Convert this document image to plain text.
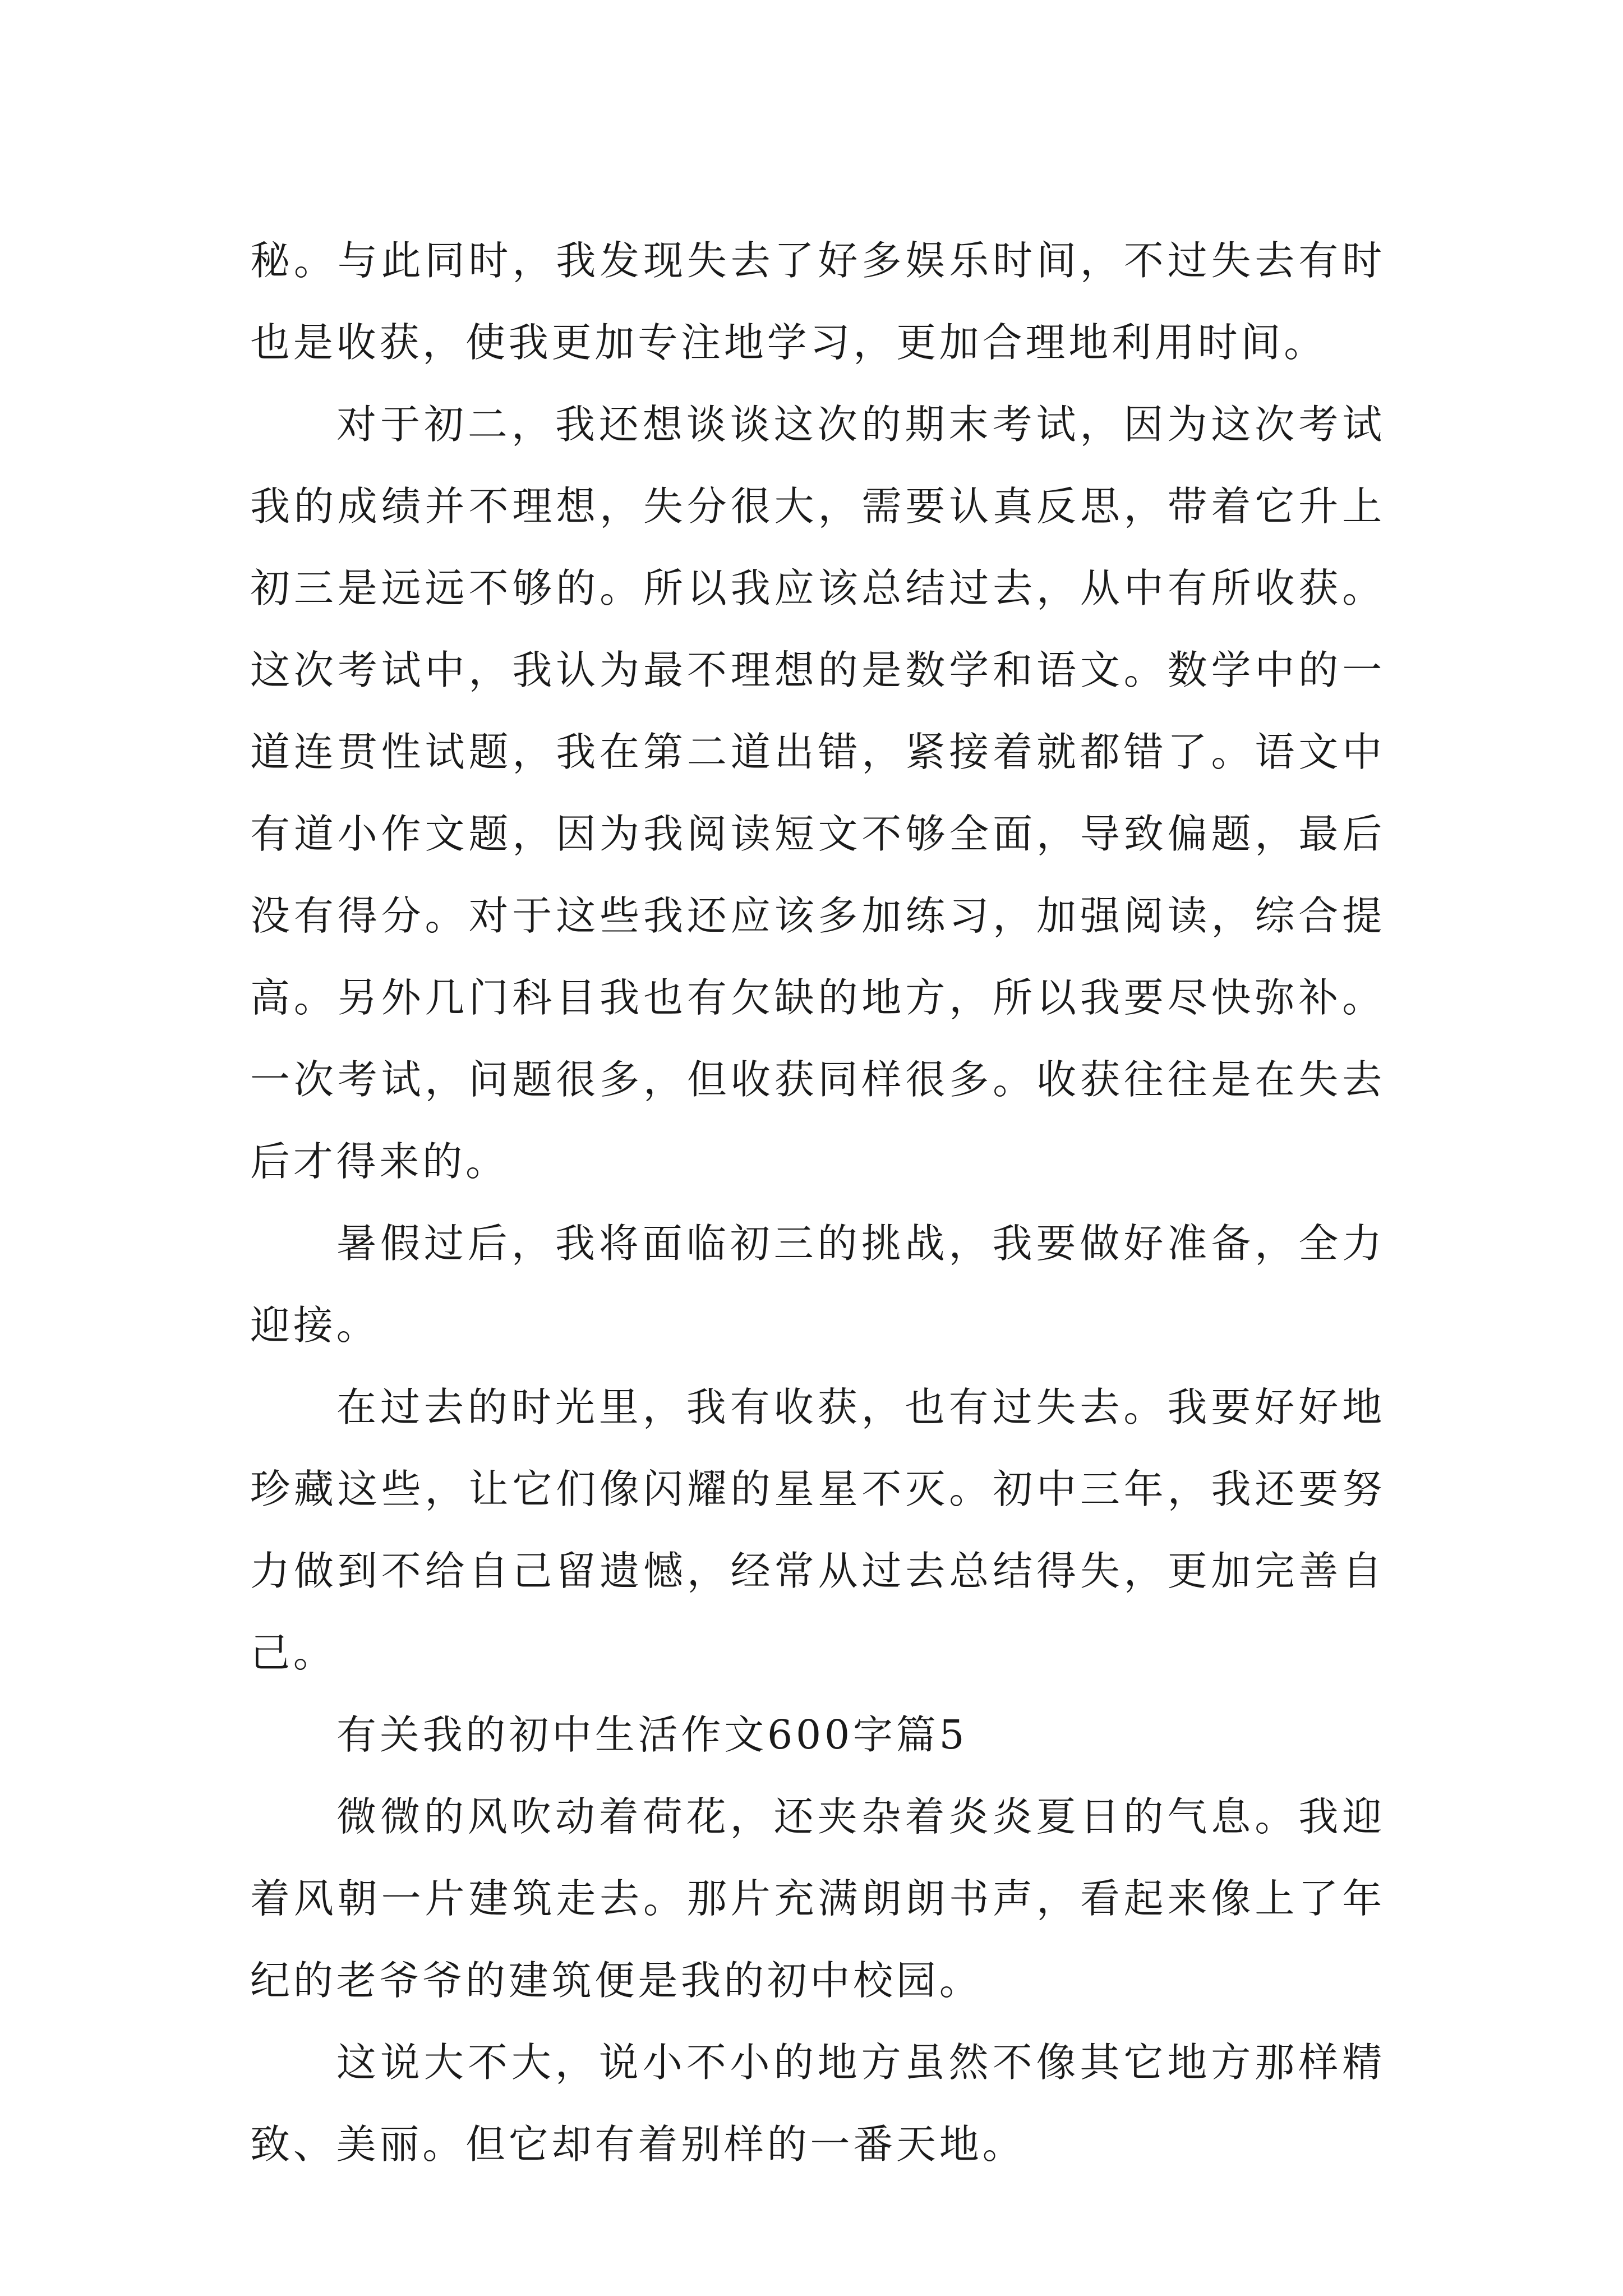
秘。与此同时，我发现失去了好多娱乐时间，不过失去有时也是收获，使我更加专注地学习，更加合理地利用时间。

对于初二，我还想谈谈这次的期末考试，因为这次考试我的成绩并不理想，失分很大，需要认真反思，带着它升上初三是远远不够的。所以我应该总结过去，从中有所收获。这次考试中，我认为最不理想的是数学和语文。数学中的一道连贯性试题，我在第二道出错，紧接着就都错了。语文中有道小作文题，因为我阅读短文不够全面，导致偏题，最后没有得分。对于这些我还应该多加练习，加强阅读，综合提高。另外几门科目我也有欠缺的地方，所以我要尽快弥补。一次考试，问题很多，但收获同样很多。收获往往是在失去后才得来的。

暑假过后，我将面临初三的挑战，我要做好准备，全力迎接。

在过去的时光里，我有收获，也有过失去。我要好好地珍藏这些，让它们像闪耀的星星不灭。初中三年，我还要努力做到不给自己留遗憾，经常从过去总结得失，更加完善自己。

有关我的初中生活作文600字篇5

微微的风吹动着荷花，还夹杂着炎炎夏日的气息。我迎着风朝一片建筑走去。那片充满朗朗书声，看起来像上了年纪的老爷爷的建筑便是我的初中校园。

这说大不大，说小不小的地方虽然不像其它地方那样精致、美丽。但它却有着别样的一番天地。
